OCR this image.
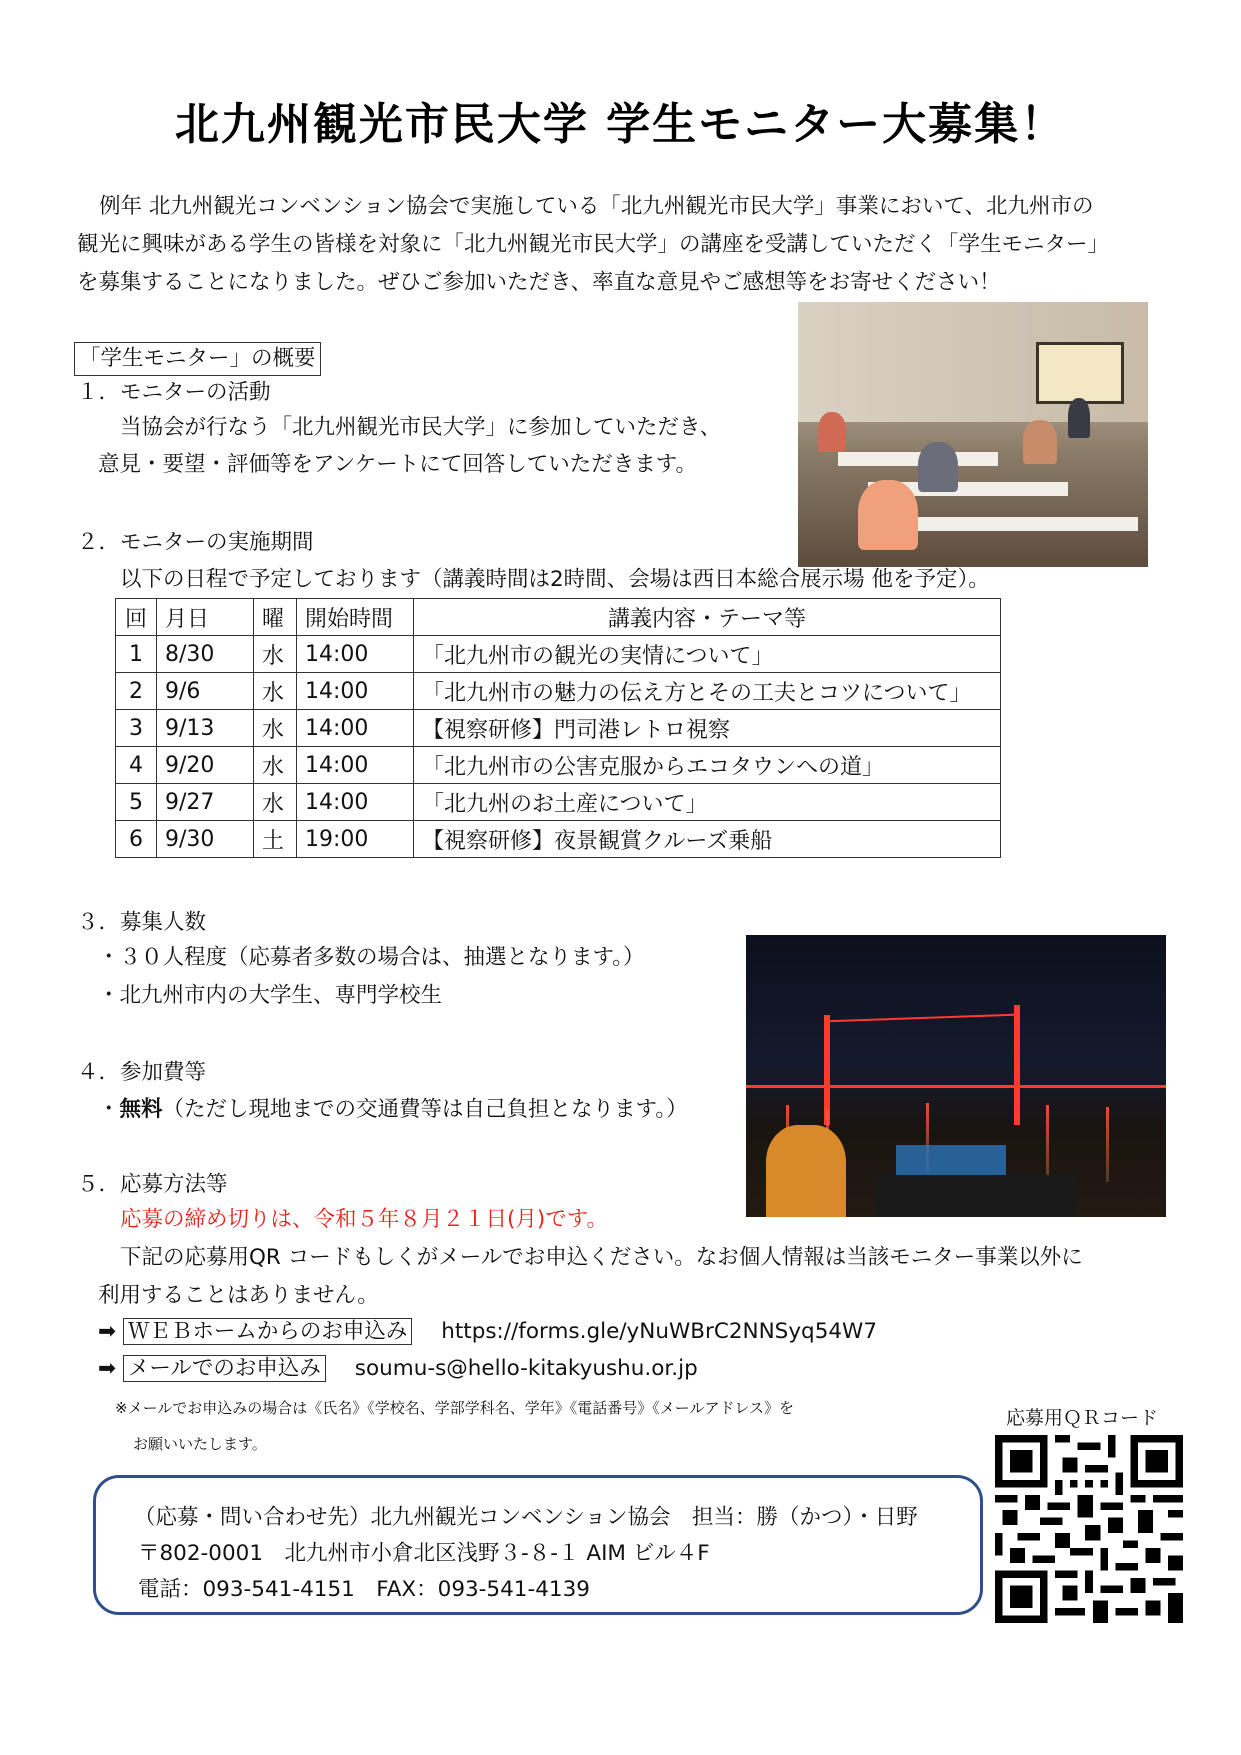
北九州観光市民大学 学生モニター大募集！

例年 北九州観光コンベンション協会で実施している「北九州観光市民大学」事業において、北九州市の

観光に興味がある学生の皆様を対象に「北九州観光市民大学」の講座を受講していただく「学生モニター」

を募集することになりました。ぜひご参加いただき、率直な意見やご感想等をお寄せください！

「学生モニター」の概要
１．モニターの活動
当協会が行なう「北九州観光市民大学」に参加していただき、
意見・要望・評価等をアンケートにて回答していただきます。
２．モニターの実施期間
以下の日程で予定しております（講義時間は2時間、会場は西日本総合展示場 他を予定）。
回	月日	曜	開始時間	講義内容・テーマ等
1	8/30	水	14:00	「北九州市の観光の実情について」
2	9/6	水	14:00	「北九州市の魅力の伝え方とその工夫とコツについて」
3	9/13	水	14:00	【視察研修】門司港レトロ視察
4	9/20	水	14:00	「北九州市の公害克服からエコタウンへの道」
5	9/27	水	14:00	「北九州のお土産について」
6	9/30	土	19:00	【視察研修】夜景観賞クルーズ乗船
３．募集人数
・３０人程度（応募者多数の場合は、抽選となります。）
・北九州市内の大学生、専門学校生
４．参加費等
・無料（ただし現地までの交通費等は自己負担となります。）
５．応募方法等
応募の締め切りは、令和５年８月２１日(月)です。
下記の応募用QR コードもしくがメールでお申込ください。なお個人情報は当該モニター事業以外に
利用することはありません。
➡ ＷＥＢホームからのお申込み https://forms.gle/yNuWBrC2NNSyq54W7
➡ メールでのお申込み soumu-s@hello-kitakyushu.or.jp
※メールでお申込みの場合は《氏名》《学校名、学部学科名、学年》《電話番号》《メールアドレス》を
お願いいたします。

（応募・問い合わせ先）北九州観光コンベンション協会　担当：勝（かつ）・日野

〒802-0001　北九州市小倉北区浅野３-８-１ AIM ビル４F

電話：093-541-4151　FAX：093-541-4139

応募用ＱＲコード
